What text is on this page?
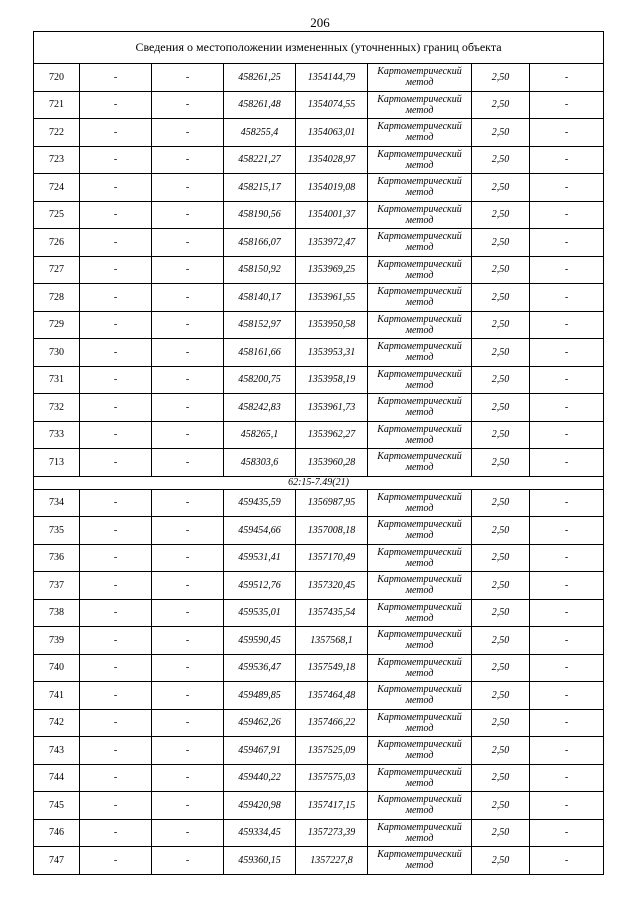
206
Сведения о местоположении измененных (уточненных) границ объекта							
720	-	-	458261,25	1354144,79	Картометрический метод	2,50	-
721	-	-	458261,48	1354074,55	Картометрический метод	2,50	-
722	-	-	458255,4	1354063,01	Картометрический метод	2,50	-
723	-	-	458221,27	1354028,97	Картометрический метод	2,50	-
724	-	-	458215,17	1354019,08	Картометрический метод	2,50	-
725	-	-	458190,56	1354001,37	Картометрический метод	2,50	-
726	-	-	458166,07	1353972,47	Картометрический метод	2,50	-
727	-	-	458150,92	1353969,25	Картометрический метод	2,50	-
728	-	-	458140,17	1353961,55	Картометрический метод	2,50	-
729	-	-	458152,97	1353950,58	Картометрический метод	2,50	-
730	-	-	458161,66	1353953,31	Картометрический метод	2,50	-
731	-	-	458200,75	1353958,19	Картометрический метод	2,50	-
732	-	-	458242,83	1353961,73	Картометрический метод	2,50	-
733	-	-	458265,1	1353962,27	Картометрический метод	2,50	-
713	-	-	458303,6	1353960,28	Картометрический метод	2,50	-
62:15-7.49(21)							
734	-	-	459435,59	1356987,95	Картометрический метод	2,50	-
735	-	-	459454,66	1357008,18	Картометрический метод	2,50	-
736	-	-	459531,41	1357170,49	Картометрический метод	2,50	-
737	-	-	459512,76	1357320,45	Картометрический метод	2,50	-
738	-	-	459535,01	1357435,54	Картометрический метод	2,50	-
739	-	-	459590,45	1357568,1	Картометрический метод	2,50	-
740	-	-	459536,47	1357549,18	Картометрический метод	2,50	-
741	-	-	459489,85	1357464,48	Картометрический метод	2,50	-
742	-	-	459462,26	1357466,22	Картометрический метод	2,50	-
743	-	-	459467,91	1357525,09	Картометрический метод	2,50	-
744	-	-	459440,22	1357575,03	Картометрический метод	2,50	-
745	-	-	459420,98	1357417,15	Картометрический метод	2,50	-
746	-	-	459334,45	1357273,39	Картометрический метод	2,50	-
747	-	-	459360,15	1357227,8	Картометрический метод	2,50	-
